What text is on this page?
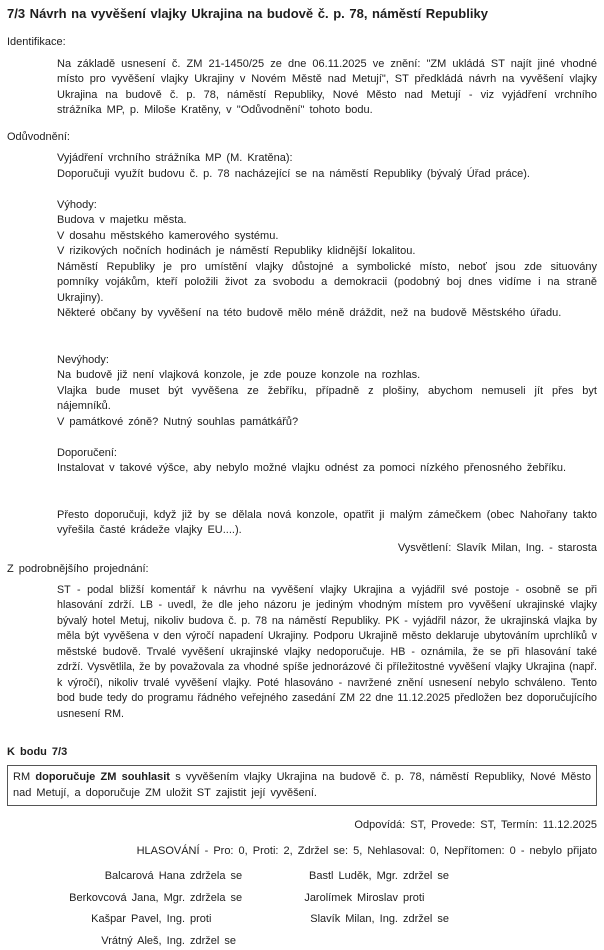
7/3 Návrh na vyvěšení vlajky Ukrajina na budově č. p. 78, náměstí Republiky
Identifikace:
Na základě usnesení č. ZM 21-1450/25 ze dne 06.11.2025 ve znění: "ZM ukládá ST najít jiné vhodné místo pro vyvěšení vlajky Ukrajiny v Novém Městě nad Metují", ST předkládá návrh na vyvěšení vlajky Ukrajina na budově č. p. 78, náměstí Republiky, Nové Město nad Metují - viz vyjádření vrchního strážníka MP, p. Miloše Kratěny, v "Odůvodnění" tohoto bodu.
Odůvodnění:
Vyjádření vrchního strážníka MP (M. Kratěna):
Doporučuji využít budovu č. p. 78 nacházející se na náměstí Republiky (bývalý Úřad práce).
Výhody:
Budova v majetku města.
V dosahu městského kamerového systému.
V rizikových nočních hodinách je náměstí Republiky klidnější lokalitou.
Náměstí Republiky je pro umístění vlajky důstojné a symbolické místo, neboť jsou zde situovány pomníky vojákům, kteří položili život za svobodu a demokracii (podobný boj dnes vidíme i na straně Ukrajiny).
Některé občany by vyvěšení na této budově mělo méně dráždit, než na budově Městského úřadu.
Nevýhody:
Na budově již není vlajková konzole, je zde pouze konzole na rozhlas.
Vlajka bude muset být vyvěšena ze žebříku, případně z plošiny, abychom nemuseli jít přes byt nájemníků.
V památkové zóně? Nutný souhlas památkářů?
Doporučení:
Instalovat v takové výšce, aby nebylo možné vlajku odnést za pomoci nízkého přenosného žebříku.
Přesto doporučuji, když již by se dělala nová konzole, opatřit ji malým zámečkem (obec Nahořany takto vyřešila časté krádeže vlajky EU....).
Vysvětlení: Slavík Milan, Ing. - starosta
Z podrobnějšího projednání:
ST - podal bližší komentář k návrhu na vyvěšení vlajky Ukrajina a vyjádřil své postoje - osobně se při hlasování zdrží. LB - uvedl, že dle jeho názoru je jediným vhodným místem pro vyvěšení ukrajinské vlajky bývalý hotel Metuj, nikoliv budova č. p. 78 na náměstí Republiky. PK - vyjádřil názor, že ukrajinská vlajka by měla být vyvěšena v den výročí napadení Ukrajiny. Podporu Ukrajině město deklaruje ubytováním uprchlíků v městské budově. Trvalé vyvěšení ukrajinské vlajky nedoporučuje. HB - oznámila, že se při hlasování také zdrží. Vysvětlila, že by považovala za vhodné spíše jednorázové či příležitostné vyvěšení vlajky Ukrajina (např. k výročí), nikoliv trvalé vyvěšení vlajky. Poté hlasováno - navržené znění usnesení nebylo schváleno. Tento bod bude tedy do programu řádného veřejného zasedání ZM 22 dne 11.12.2025 předložen bez doporučujícího usnesení RM.
K bodu 7/3
RM doporučuje ZM souhlasit s vyvěšením vlajky Ukrajina na budově č. p. 78, náměstí Republiky, Nové Město nad Metují, a doporučuje ZM uložit ST zajistit její vyvěšení.
Odpovídá: ST, Provede: ST, Termín: 11.12.2025
HLASOVÁNÍ - Pro: 0, Proti: 2, Zdržel se: 5, Nehlasoval: 0, Nepřítomen: 0 - nebylo přijato
Balcarová Hana zdržela se	Bastl Luděk, Mgr. zdržel se
Berkovcová Jana, Mgr. zdržela se	Jarolímek Miroslav proti
Kašpar Pavel, Ing. proti	Slavík Milan, Ing. zdržel se
Vrátný Aleš, Ing. zdržel se
